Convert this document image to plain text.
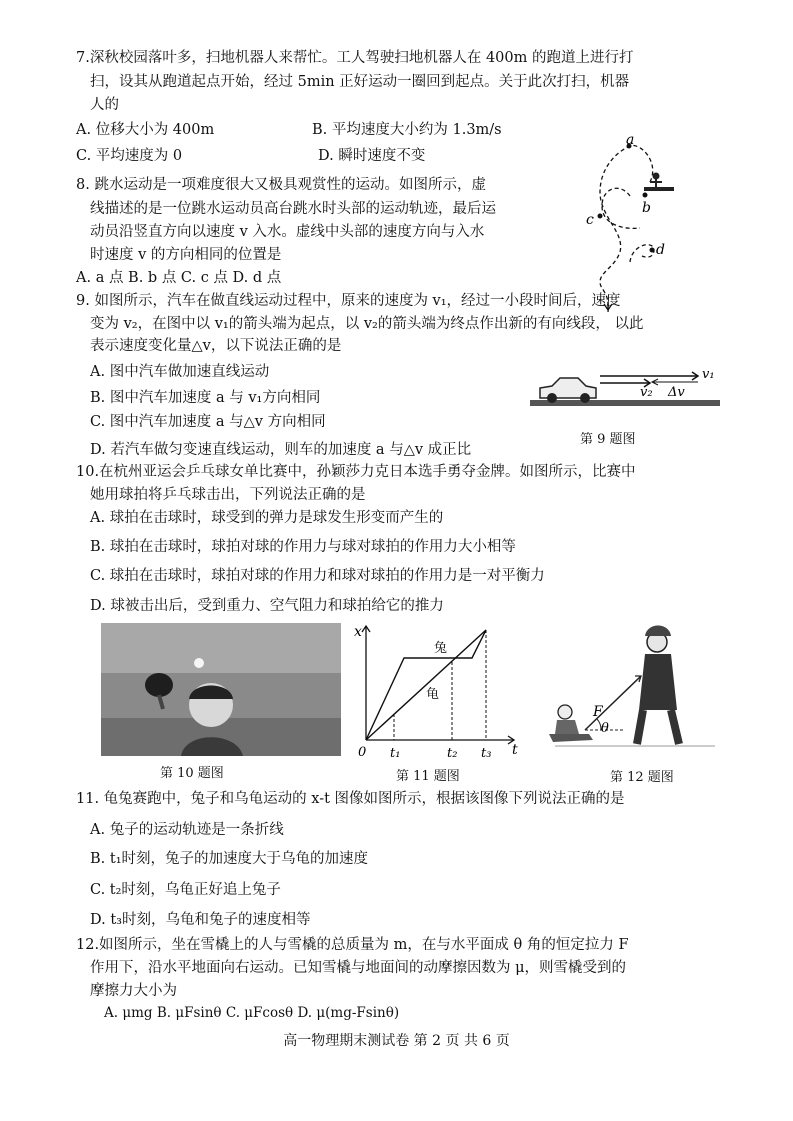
7.深秋校园落叶多，扫地机器人来帮忙。工人驾驶扫地机器人在 400m 的跑道上进行打
扫，设其从跑道起点开始，经过 5min 正好运动一圈回到起点。关于此次打扫，机器
人的
A. 位移大小为 400m	B. 平均速度大小约为 1.3m/s
C. 平均速度为 0	D. 瞬时速度不变
8. 跳水运动是一项难度很大又极具观赏性的运动。如图所示，虚
线描述的是一位跳水运动员高台跳水时头部的运动轨迹，最后运
动员沿竖直方向以速度 v 入水。虚线中头部的速度方向与入水
时速度 v 的方向相同的位置是
A. a 点 B. b 点 C. c 点 D. d 点
a
b
c
d
9. 如图所示，汽车在做直线运动过程中，原来的速度为 v₁，经过一小段时间后，速度
变为 v₂，在图中以 v₁的箭头端为起点，以 v₂的箭头端为终点作出新的有向线段， 以此
表示速度变化量△v，以下说法正确的是
A. 图中汽车做加速直线运动
B. 图中汽车加速度 a 与 v₁方向相同
C. 图中汽车加速度 a 与△v 方向相同
D. 若汽车做匀变速直线运动，则车的加速度 a 与△v 成正比
v₁
v₂ Δv
第 9 题图
10.在杭州亚运会乒乓球女单比赛中，孙颖莎力克日本选手勇夺金牌。如图所示，比赛中
她用球拍将乒乓球击出，下列说法正确的是
A. 球拍在击球时，球受到的弹力是球发生形变而产生的
B. 球拍在击球时，球拍对球的作用力与球对球拍的作用力大小相等
C. 球拍在击球时，球拍对球的作用力和球对球拍的作用力是一对平衡力
D. 球被击出后，受到重力、空气阻力和球拍给它的推力
第 10 题图
x
t
0 t₁	t₂ t₃
兔
龟
第 11 题图
F
θ
第 12 题图
11. 龟兔赛跑中，兔子和乌龟运动的 x-t 图像如图所示，根据该图像下列说法正确的是
A. 兔子的运动轨迹是一条折线
B. t₁时刻，兔子的加速度大于乌龟的加速度
C. t₂时刻，乌龟正好追上兔子
D. t₃时刻，乌龟和兔子的速度相等
12.如图所示，坐在雪橇上的人与雪橇的总质量为 m，在与水平面成 θ 角的恒定拉力 F
作用下，沿水平地面向右运动。已知雪橇与地面间的动摩擦因数为 μ，则雪橇受到的
摩擦力大小为
A. μmg B. μFsinθ C. μFcosθ D. μ(mg-Fsinθ)
高一物理期末测试卷 第 2 页 共 6 页
